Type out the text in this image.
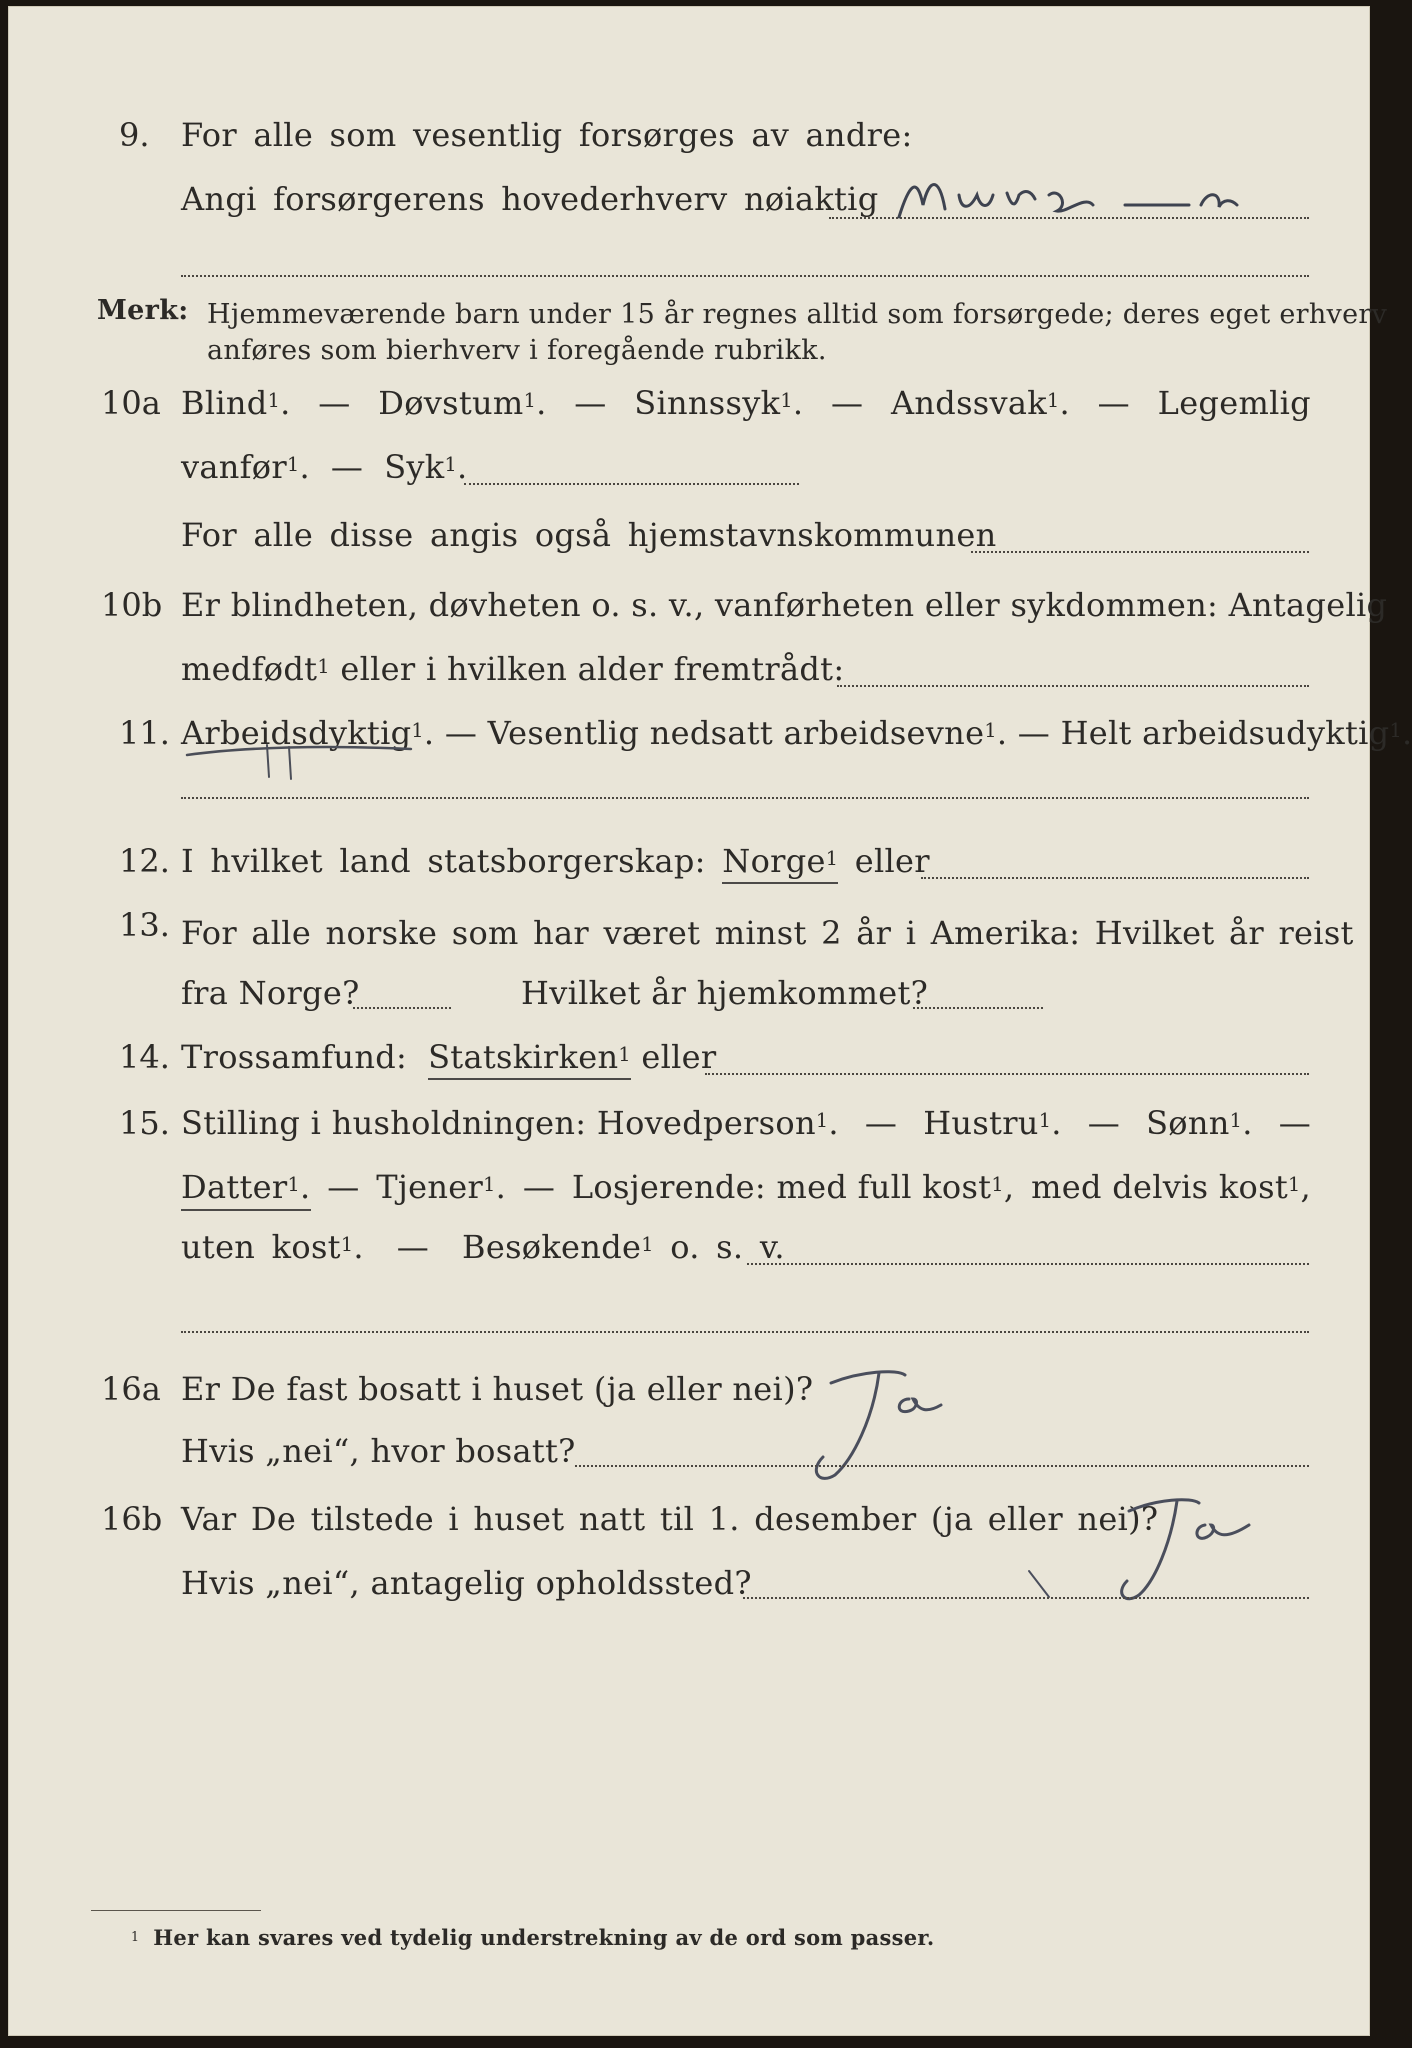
9. For alle som vesentlig forsørges av andre:
Angi forsørgerens hovederhverv nøiaktig
Mures a
Merk: Hjemmeværende barn under 15 år regnes alltid som forsørgede; deres eget erhverv
anføres som bierhverv i foregående rubrikk.
10a Blind$^1$. — Døvstum$^1$. — Sinnssyk$^1$. — Andssvak$^1$. — Legemlig
vanfør$^1$.  — Syk$^1$.
For alle disse angis også hjemstavnskommunen
10b Er blindheten, døvheten o. s. v., vanførheten eller sykdommen: Antagelig
medfødt$^1$ eller i hvilken alder fremtrådt:
11. Arbeidsdyktig$^1$. — Vesentlig nedsatt arbeidsevne$^1$. — Helt arbeidsudyktig$^1$.
12. I hvilket land statsborgerskap: Norge$^1$ eller
13. For alle norske som har været minst 2 år i Amerika: Hvilket år reist
fra Norge?	Hvilket år hjemkommet?
14. Trossamfund: Statskirken$^1$ eller
15. Stilling i husholdningen: Hovedperson$^1$. — Hustru$^1$. — Sønn$^1$. —
Datter$^1$. — Tjener$^1$. — Losjerende: med full kost$^1$, med delvis kost$^1$,
uten kost$^1$.  —  Besøkende$^1$ o. s. v.
16a Er De fast bosatt i huset (ja eller nei)?
Ja
Hvis „nei“, hvor bosatt?
16b Var De tilstede i huset natt til 1. desember (ja eller nei)?
Ja
Hvis „nei“, antagelig opholdssted?
$^1$ Her kan svares ved tydelig understrekning av de ord som passer.
